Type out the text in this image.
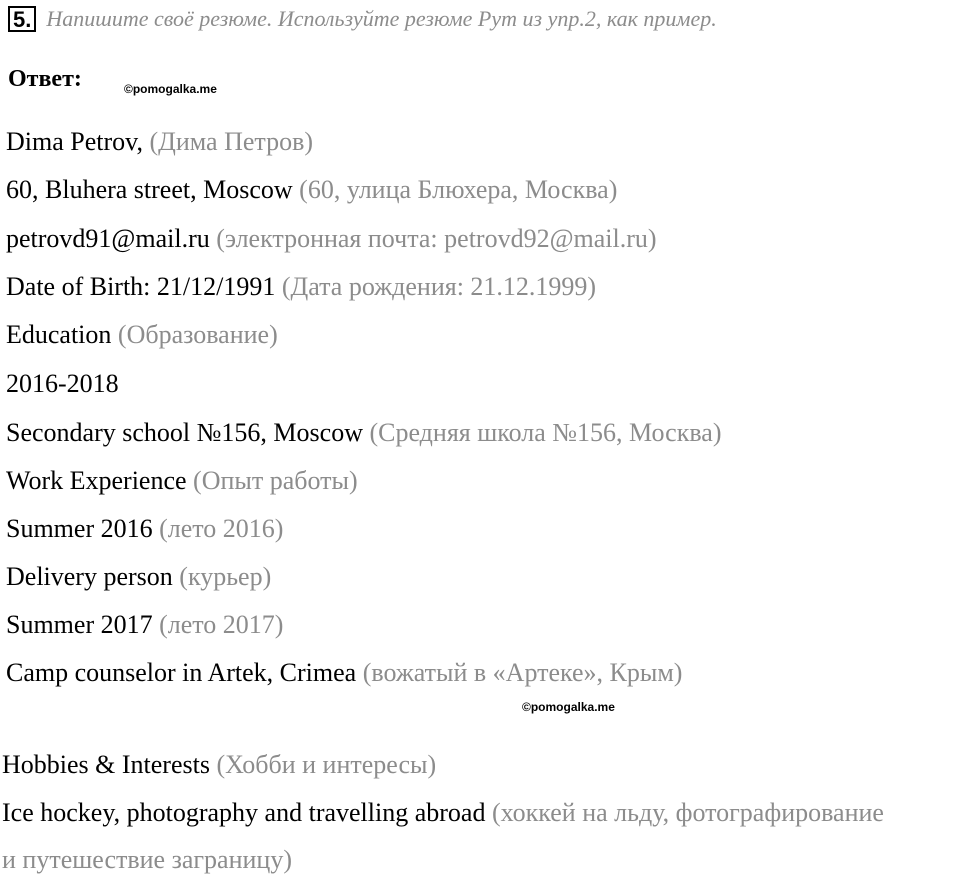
5. Напишите своё резюме. Используйте резюме Рут из упр.2, как пример.
Ответ:	©pomogalka.me
Dima Petrov, (Дима Петров)
60, Bluhera street, Moscow (60, улица Блюхера, Москва)
petrovd91@mail.ru (электронная почта: petrovd92@mail.ru)
Date of Birth: 21/12/1991 (Дата рождения: 21.12.1999)
Education (Образование)
2016-2018
Secondary school №156, Moscow (Средняя школа №156, Москва)
Work Experience (Опыт работы)
Summer 2016 (лето 2016)
Delivery person (курьер)
Summer 2017 (лето 2017)
Camp counselor in Artek, Crimea (вожатый в «Артеке», Крым)
©pomogalka.me
Hobbies & Interests (Хобби и интересы)
Ice hockey, photography and travelling abroad (хоккей на льду, фотографирование
и путешествие заграницу)
